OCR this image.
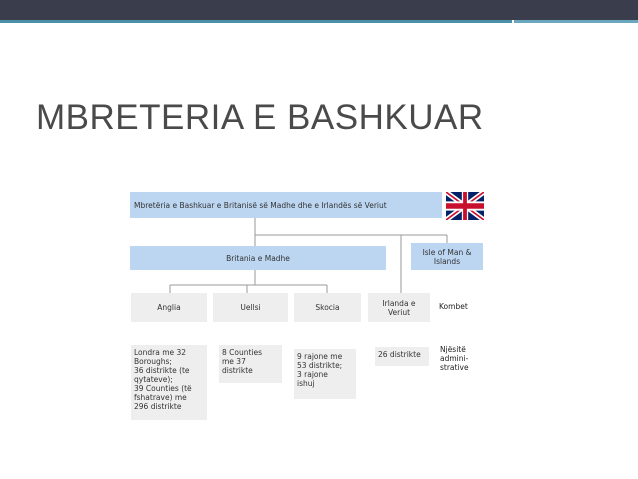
MBRETERIA E BASHKUAR
Mbretëria e Bashkuar e Britanisë së Madhe dhe e Irlandës së Veriut
Britania e Madhe
Isle of Man &
Islands
Anglia	Uellsi	Skocia	Irlanda e
Veriut
Kombet
Londra me 32
Boroughs;
36 distrikte (te
qytateve);
39 Counties (të
fshatrave) me
296 distrikte
8 Counties
me 37
distrikte
9 rajone me
53 distrikte;
3 rajone
ishuj
26 distrikte
Njësitë
admini-
strative
